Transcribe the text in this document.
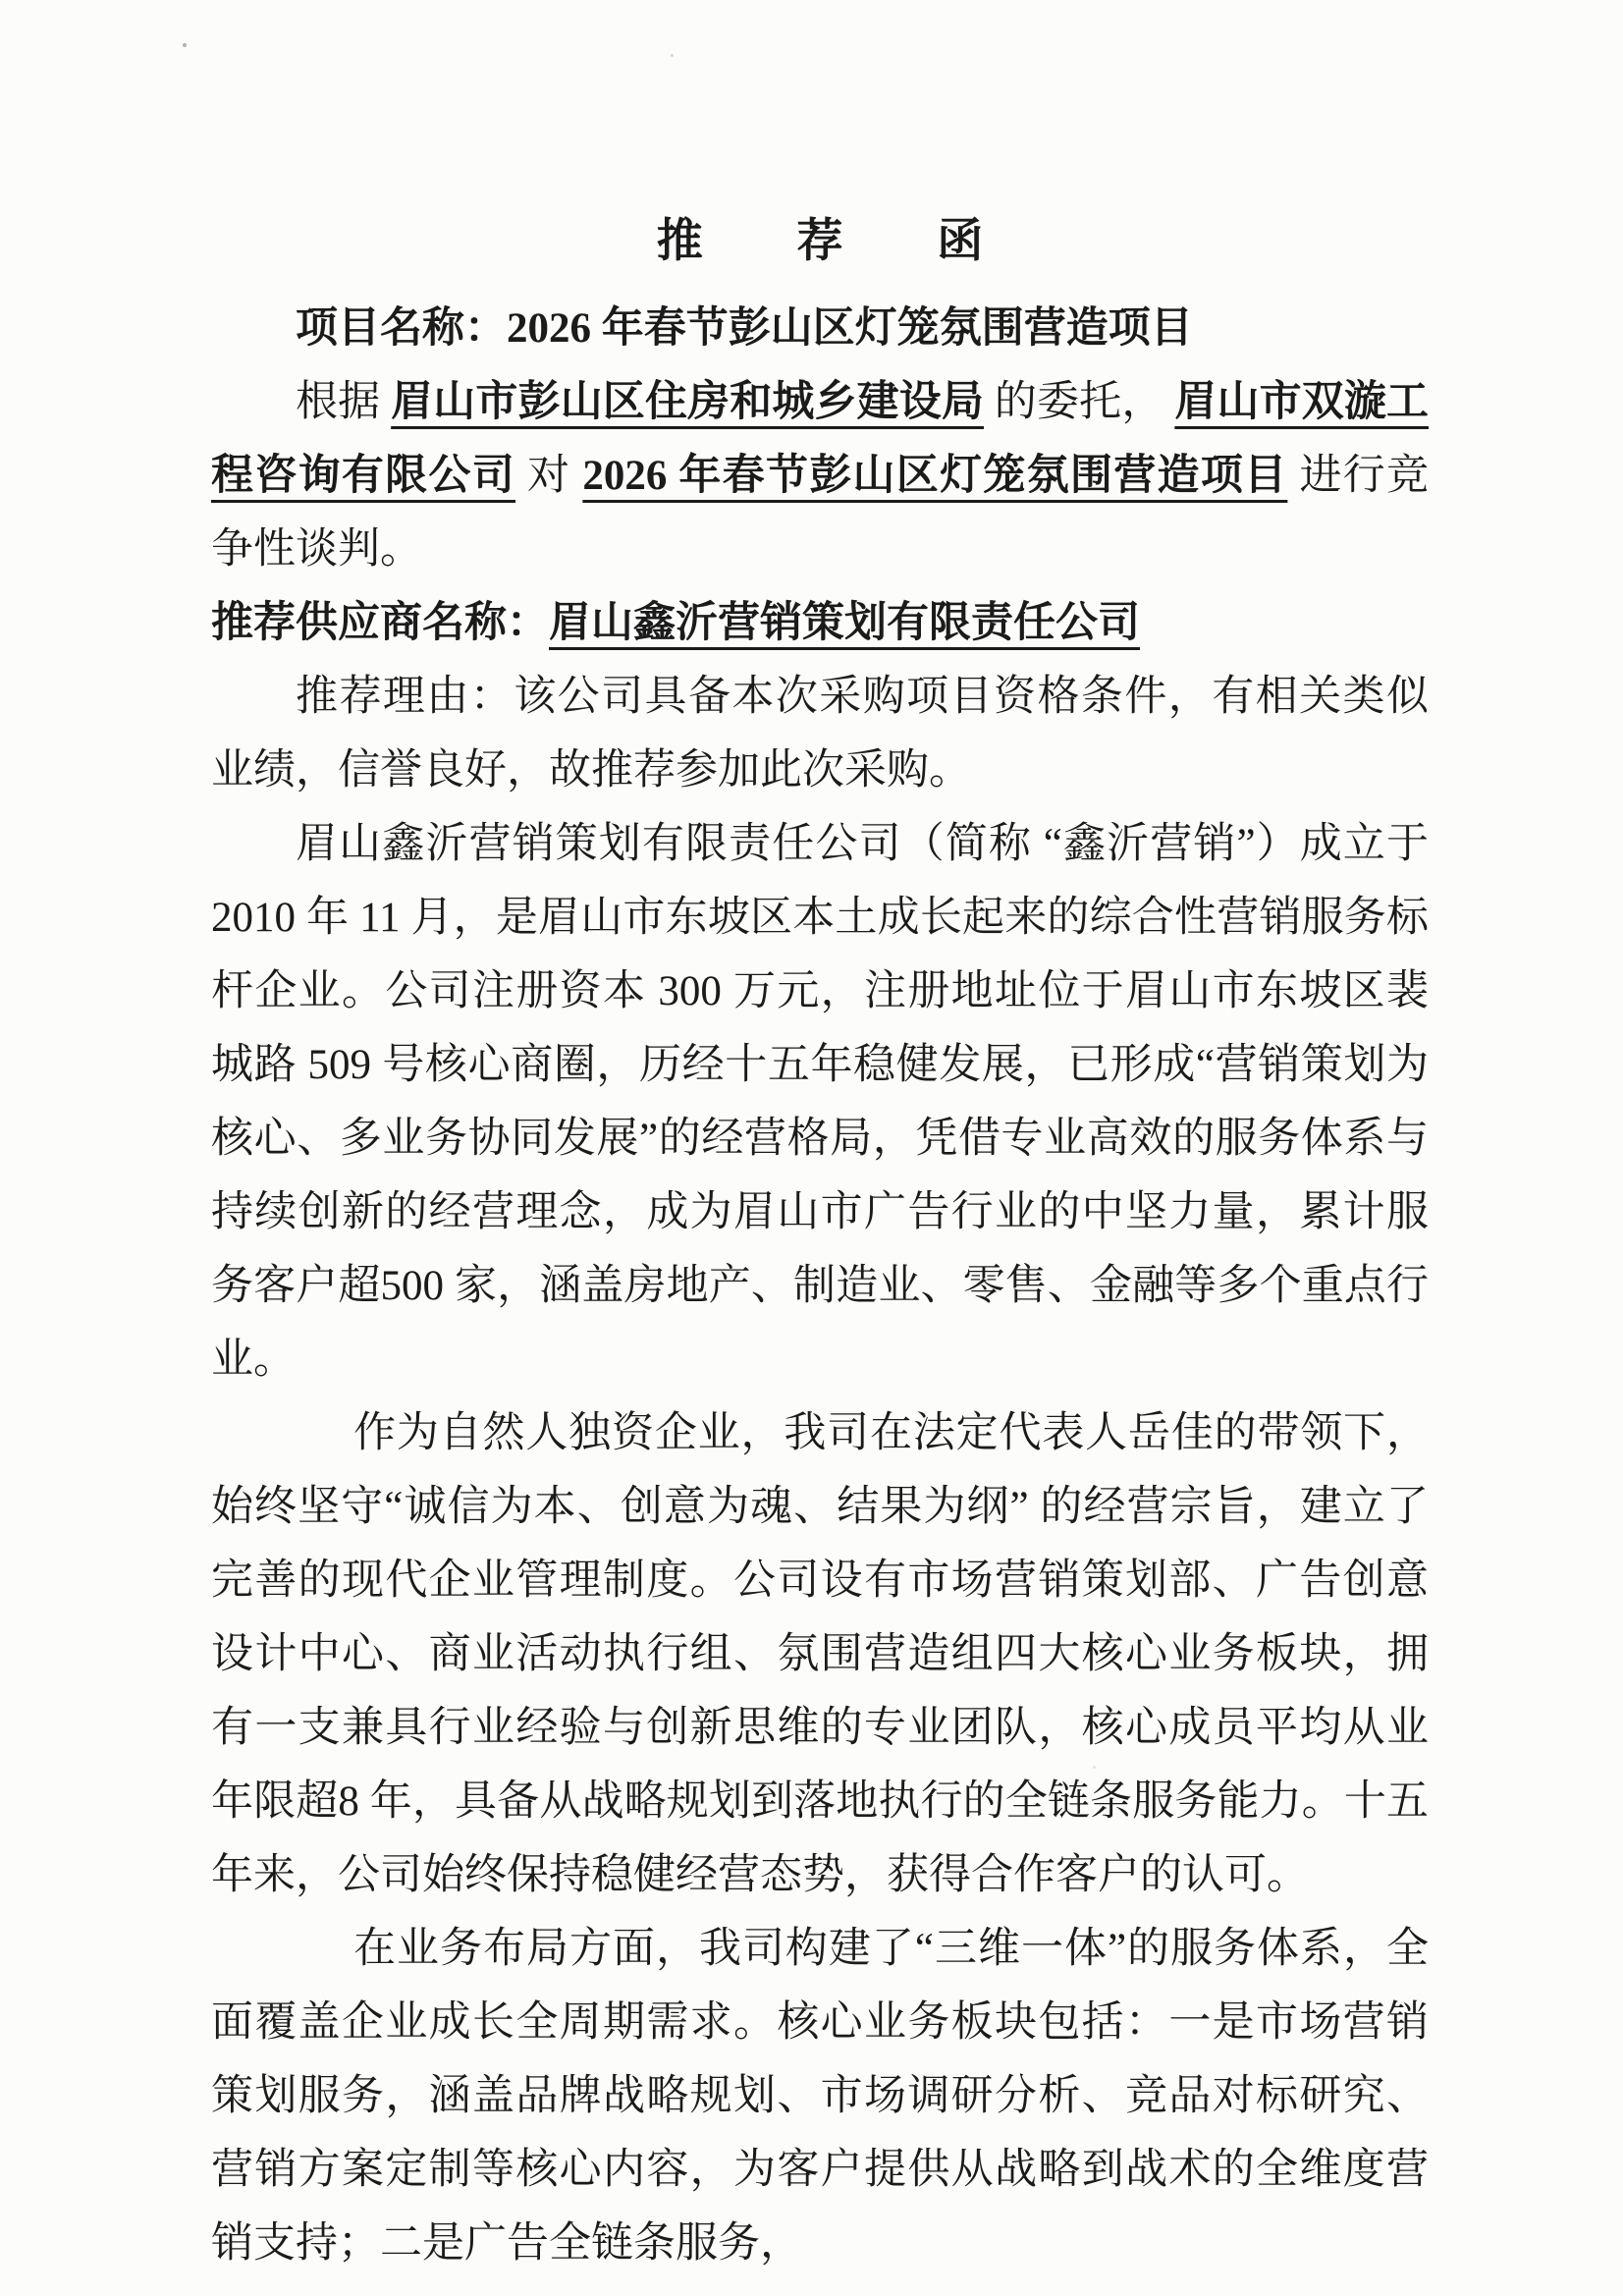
推 荐 函

项目名称：2026 年春节彭山区灯笼氛围营造项目

根据 眉山市彭山区住房和城乡建设局 的委托， 眉山市双漩工程咨询有限公司 对 2026 年春节彭山区灯笼氛围营造项目 进行竞争性谈判。

推荐供应商名称：眉山鑫沂营销策划有限责任公司

推荐理由：该公司具备本次采购项目资格条件，有相关类似业绩，信誉良好，故推荐参加此次采购。

眉山鑫沂营销策划有限责任公司（简称 “鑫沂营销”）成立于 2010 年 11 月，是眉山市东坡区本土成长起来的综合性营销服务标杆企业。公司注册资本 300 万元，注册地址位于眉山市东坡区裴城路 509 号核心商圈，历经十五年稳健发展，已形成“营销策划为核心、多业务协同发展”的经营格局，凭借专业高效的服务体系与持续创新的经营理念，成为眉山市广告行业的中坚力量，累计服务客户超500 家，涵盖房地产、制造业、零售、金融等多个重点行业。

作为自然人独资企业，我司在法定代表人岳佳的带领下，始终坚守“诚信为本、创意为魂、结果为纲” 的经营宗旨，建立了完善的现代企业管理制度。公司设有市场营销策划部、广告创意设计中心、商业活动执行组、氛围营造组四大核心业务板块，拥有一支兼具行业经验与创新思维的专业团队，核心成员平均从业年限超8 年，具备从战略规划到落地执行的全链条服务能力。十五年来，公司始终保持稳健经营态势，获得合作客户的认可。

在业务布局方面，我司构建了“三维一体”的服务体系，全面覆盖企业成长全周期需求。核心业务板块包括：一是市场营销策划服务，涵盖品牌战略规划、市场调研分析、竞品对标研究、营销方案定制等核心内容，为客户提供从战略到战术的全维度营销支持；二是广告全链条服务，
